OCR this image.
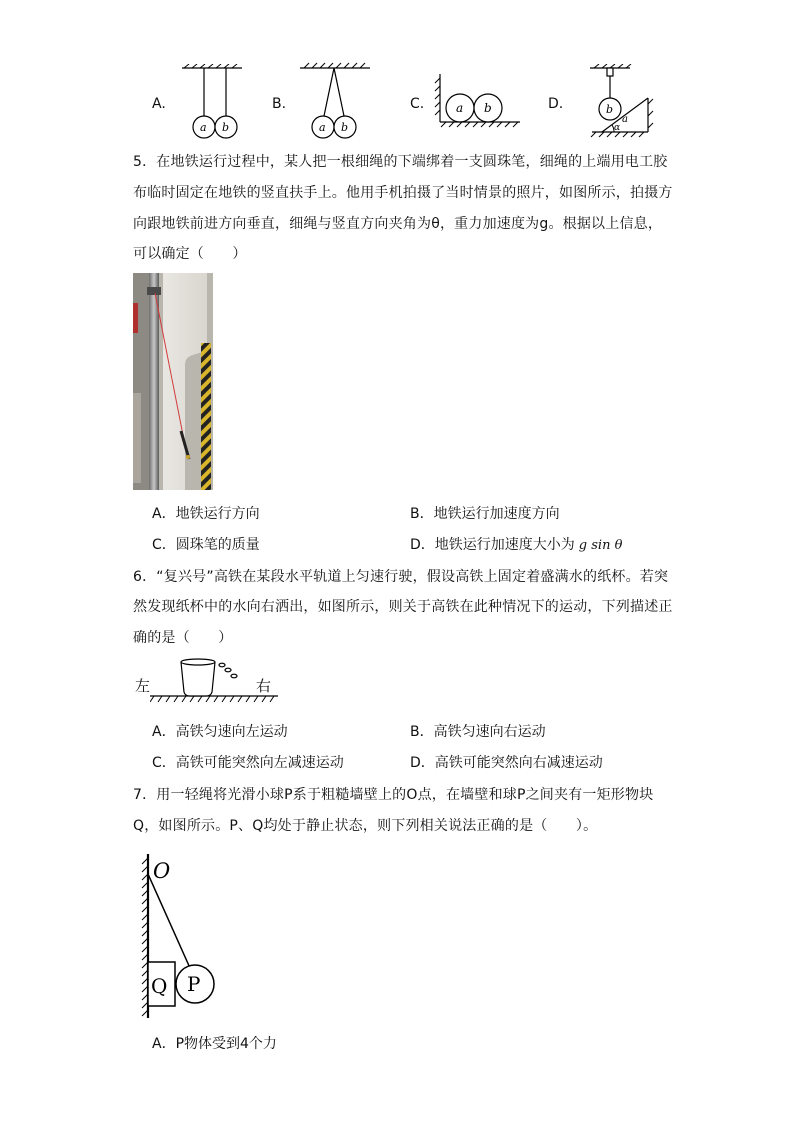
A.
a b
B.
a b
C.	a b	D.	b
a
α
5．在地铁运行过程中，某人把一根细绳的下端绑着一支圆珠笔，细绳的上端用电工胶
布临时固定在地铁的竖直扶手上。他用手机拍摄了当时情景的照片，如图所示，拍摄方
向跟地铁前进方向垂直，细绳与竖直方向夹角为θ，重力加速度为g。根据以上信息，
可以确定（　　）
A．地铁运行方向	B．地铁运行加速度方向
C．圆珠笔的质量	D．地铁运行加速度大小为 g sin θ
6．“复兴号”高铁在某段水平轨道上匀速行驶，假设高铁上固定着盛满水的纸杯。若突
然发现纸杯中的水向右洒出，如图所示，则关于高铁在此种情况下的运动，下列描述正
确的是（　　）
左	右
A．高铁匀速向左运动	B．高铁匀速向右运动
C．高铁可能突然向左减速运动	D．高铁可能突然向右减速运动
7．用一轻绳将光滑小球P系于粗糙墙壁上的O点，在墙壁和球P之间夹有一矩形物块
Q，如图所示。P、Q均处于静止状态，则下列相关说法正确的是（　　）。
O
Q P
A．P物体受到4个力
